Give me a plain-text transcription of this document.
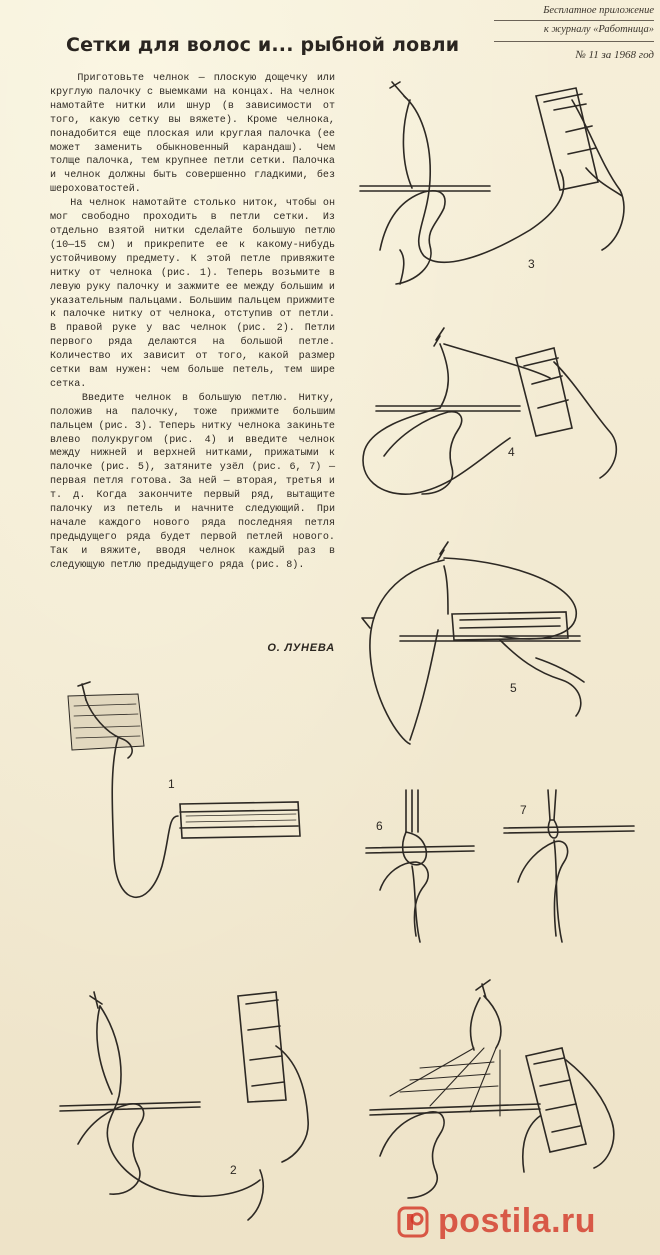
Бесплатное приложение
к журналу «Работница»
№ 11 за 1968 год
Сетки для волос и... рыбной ловли
Приготовьте челнок — плоскую дощечку или круглую палочку с выемками на концах. На челнок намотайте нитки или шнур (в зависимости от того, какую сетку вы вяжете). Кроме челнока, понадобится еще плоская или круглая палочка (ее может заменить обыкновенный карандаш). Чем толще палочка, тем крупнее петли сетки. Палочка и челнок должны быть совершенно гладкими, без шероховатостей.
На челнок намотайте столько ниток, чтобы он мог свободно проходить в петли сетки. Из отдельно взятой нитки сделайте большую петлю (10—15 см) и прикрепите ее к какому-нибудь устойчивому предмету. К этой петле привяжите нитку от челнока (рис. 1). Теперь возьмите в левую руку палочку и зажмите ее между большим и указательным пальцами. Большим пальцем прижмите к палочке нитку от челнока, отступив от петли. В правой руке у вас челнок (рис. 2). Петли первого ряда делаются на большой петле. Количество их зависит от того, какой размер сетки вам нужен: чем больше петель, тем шире сетка.
Введите челнок в большую петлю. Нитку, положив на палочку, тоже прижмите большим пальцем (рис. 3). Теперь нитку челнока закиньте влево полукругом (рис. 4) и введите челнок между нижней и верхней нитками, прижатыми к палочке (рис. 5), затяните узёл (рис. 6, 7) — первая петля готова. За ней — вторая, третья и т. д. Когда закончите первый ряд, вытащите палочку из петель и начните следующий. При начале каждого нового ряда последняя петля предыдущего ряда будет первой петлей нового. Так и вяжите, вводя челнок каждый раз в следующую петлю предыдущего ряда (рис. 8).
О. ЛУНЕВА
3
4
5
1
6
7
2
postila.ru
